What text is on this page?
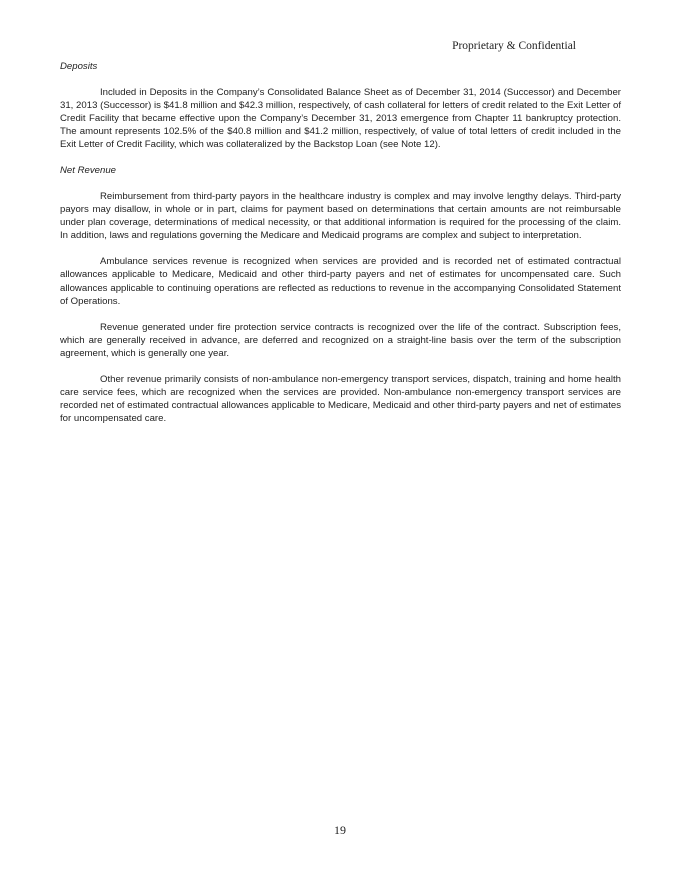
Proprietary & Confidential
Deposits

Included in Deposits in the Company’s Consolidated Balance Sheet as of December 31, 2014 (Successor) and December 31, 2013 (Successor) is $41.8 million and $42.3 million, respectively, of cash collateral for letters of credit related to the Exit Letter of Credit Facility that became effective upon the Company’s December 31, 2013 emergence from Chapter 11 bankruptcy protection. The amount represents 102.5% of the $40.8 million and $41.2 million, respectively, of value of total letters of credit included in the Exit Letter of Credit Facility, which was collateralized by the Backstop Loan (see Note 12).

Net Revenue

Reimbursement from third-party payors in the healthcare industry is complex and may involve lengthy delays. Third-party payors may disallow, in whole or in part, claims for payment based on determinations that certain amounts are not reimbursable under plan coverage, determinations of medical necessity, or that additional information is required for the processing of the claim. In addition, laws and regulations governing the Medicare and Medicaid programs are complex and subject to interpretation.

Ambulance services revenue is recognized when services are provided and is recorded net of estimated contractual allowances applicable to Medicare, Medicaid and other third-party payers and net of estimates for uncompensated care. Such allowances applicable to continuing operations are reflected as reductions to revenue in the accompanying Consolidated Statement of Operations.

Revenue generated under fire protection service contracts is recognized over the life of the contract. Subscription fees, which are generally received in advance, are deferred and recognized on a straight-line basis over the term of the subscription agreement, which is generally one year.

Other revenue primarily consists of non-ambulance non-emergency transport services, dispatch, training and home health care service fees, which are recognized when the services are provided. Non-ambulance non-emergency transport services are recorded net of estimated contractual allowances applicable to Medicare, Medicaid and other third-party payers and net of estimates for uncompensated care.

19
